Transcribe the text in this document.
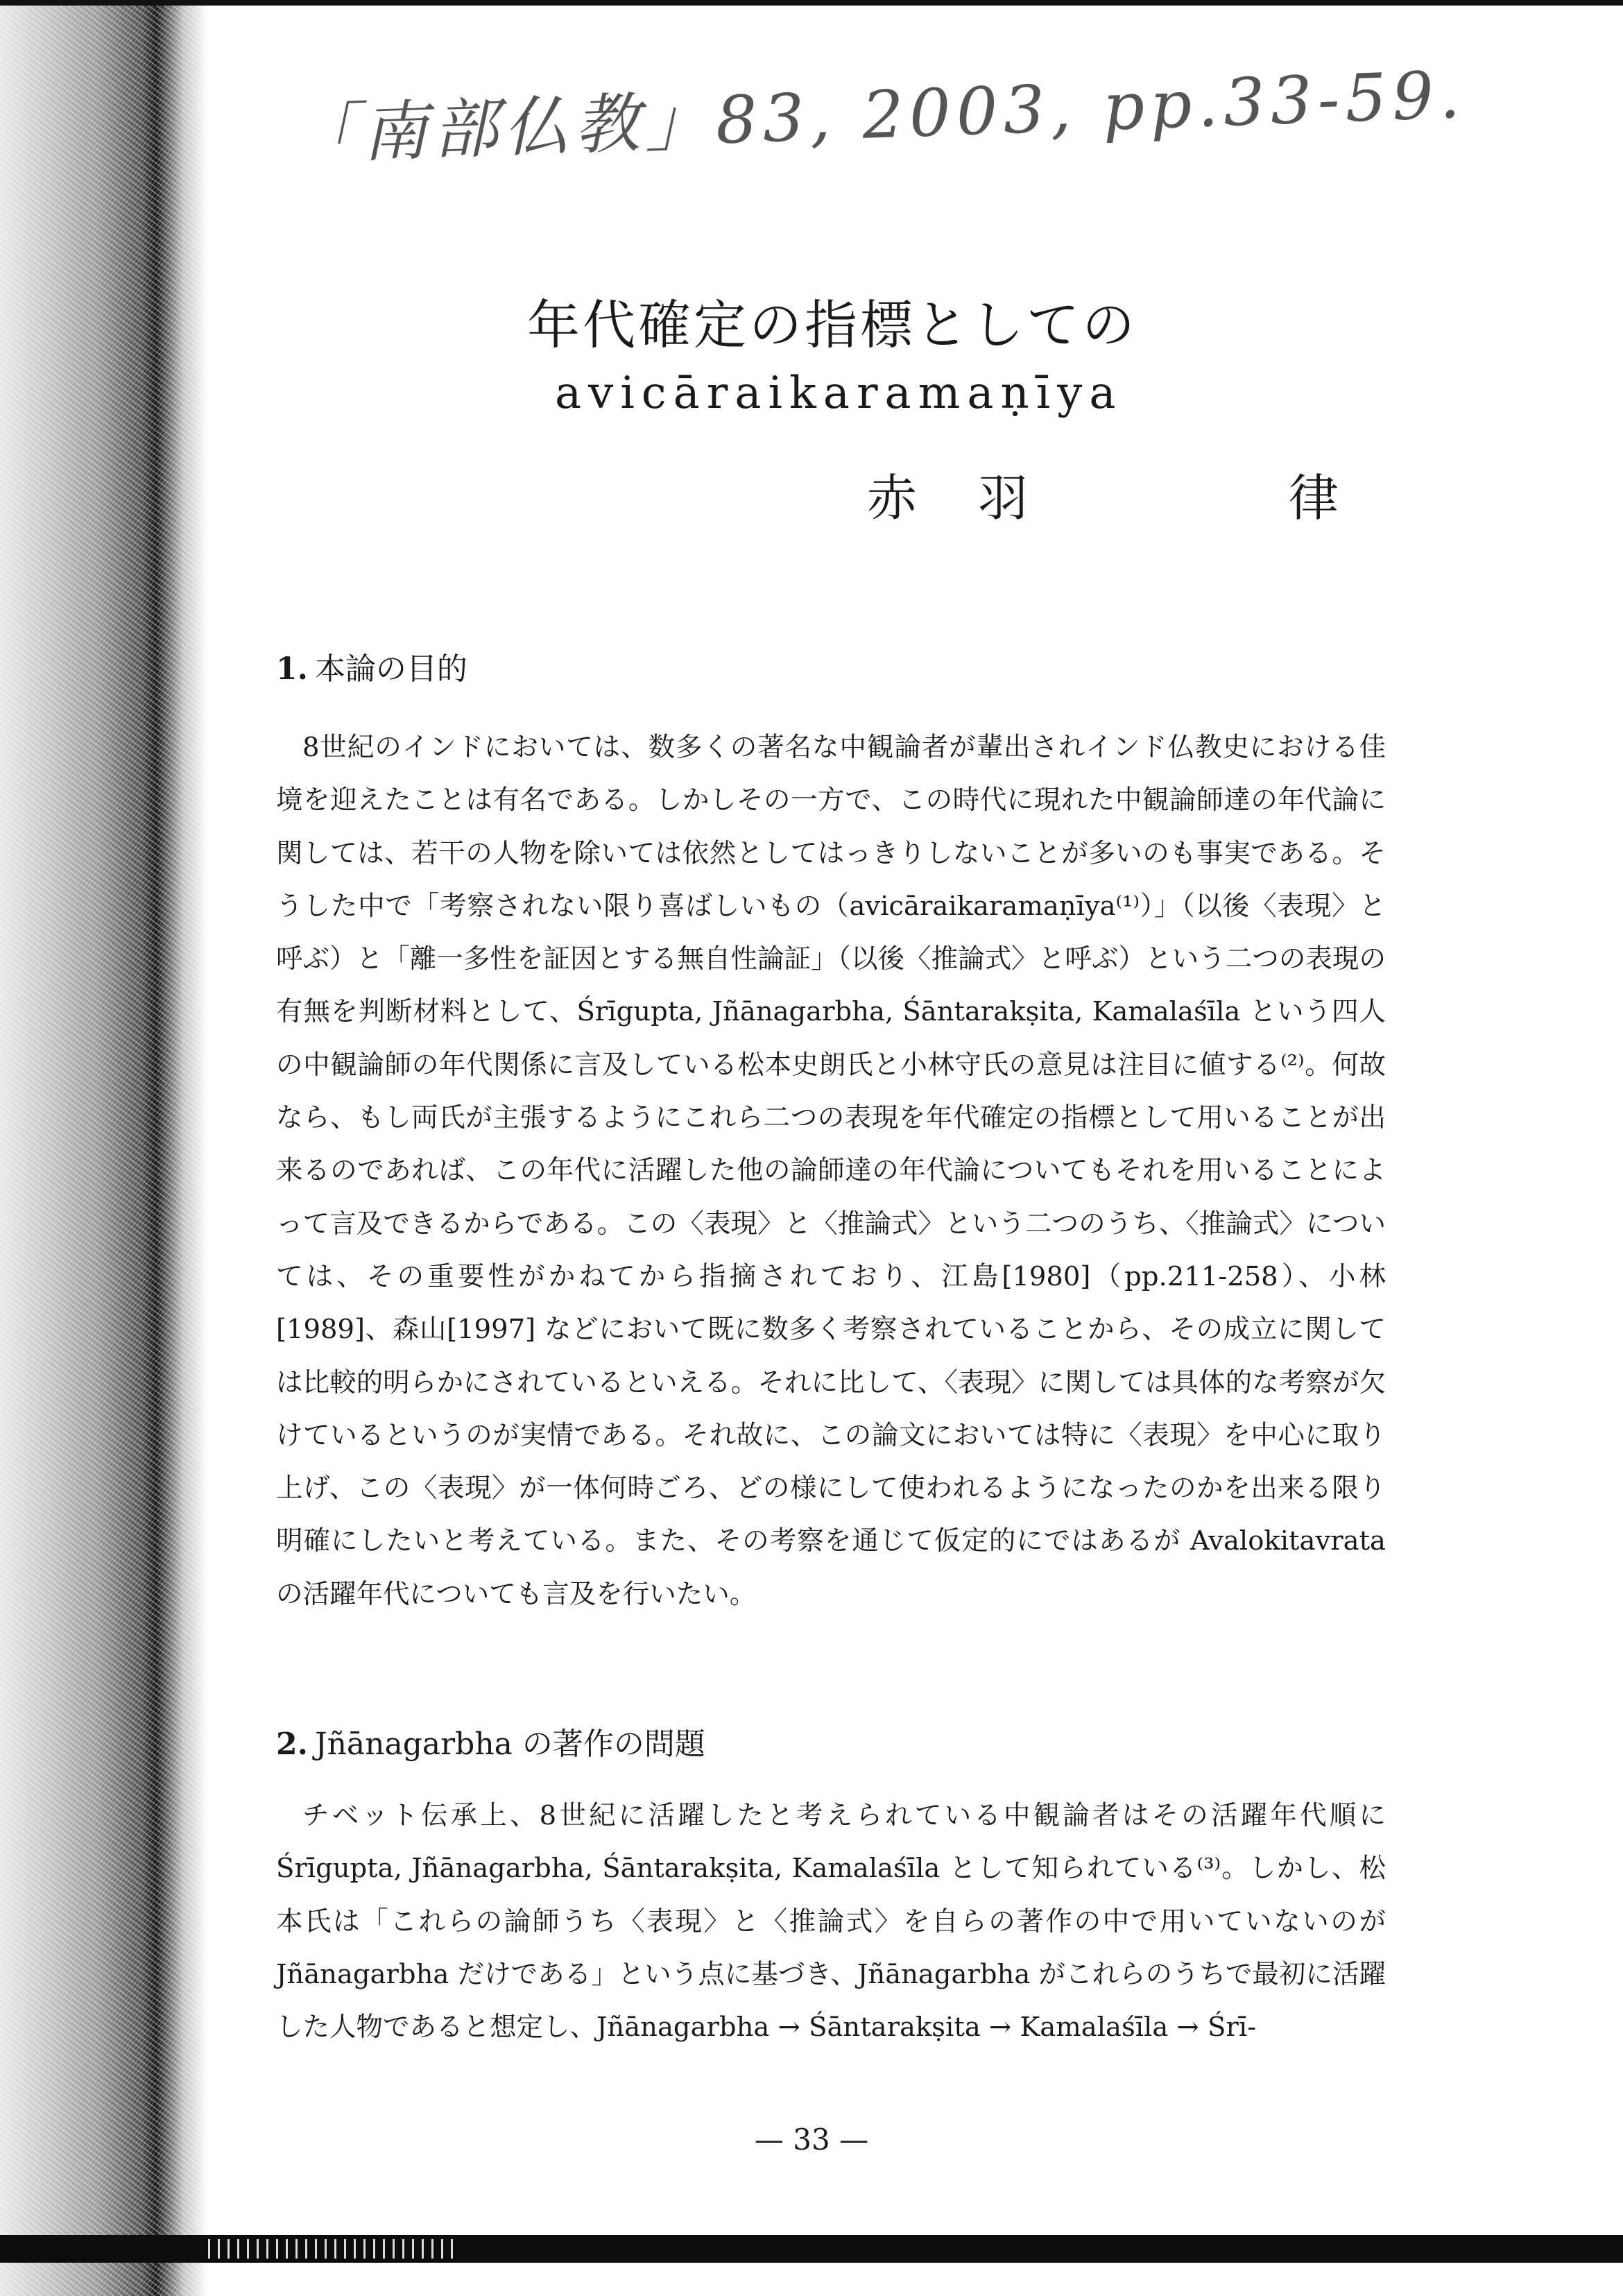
「南部仏教」83, 2003, pp.33-59.
年代確定の指標としての
avicāraikaramaṇīya
赤 羽	律
1. 本論の目的

8世紀のインドにおいては、数多くの著名な中観論者が輩出されインド仏教史における佳境を迎えたことは有名である。しかしその一方で、この時代に現れた中観論師達の年代論に関しては、若干の人物を除いては依然としてはっきりしないことが多いのも事実である。そうした中で「考察されない限り喜ばしいもの（avicāraikaramaṇīya⁽¹⁾）」（以後〈表現〉と呼ぶ）と「離一多性を証因とする無自性論証」（以後〈推論式〉と呼ぶ）という二つの表現の有無を判断材料として、Śrīgupta, Jñānagarbha, Śāntarakṣita, Kamalaśīla という四人の中観論師の年代関係に言及している松本史朗氏と小林守氏の意見は注目に値する⁽²⁾。何故なら、もし両氏が主張するようにこれら二つの表現を年代確定の指標として用いることが出来るのであれば、この年代に活躍した他の論師達の年代論についてもそれを用いることによって言及できるからである。この〈表現〉と〈推論式〉という二つのうち、〈推論式〉については、その重要性がかねてから指摘されており、江島[1980]（pp.211-258）、小林[1989]、森山[1997] などにおいて既に数多く考察されていることから、その成立に関しては比較的明らかにされているといえる。それに比して、〈表現〉に関しては具体的な考察が欠けているというのが実情である。それ故に、この論文においては特に〈表現〉を中心に取り上げ、この〈表現〉が一体何時ごろ、どの様にして使われるようになったのかを出来る限り明確にしたいと考えている。また、その考察を通じて仮定的にではあるが Avalokitavrata の活躍年代についても言及を行いたい。

2. Jñānagarbha の著作の問題

チベット伝承上、8世紀に活躍したと考えられている中観論者はその活躍年代順に Śrīgupta, Jñānagarbha, Śāntarakṣita, Kamalaśīla として知られている⁽³⁾。しかし、松本氏は「これらの論師うち〈表現〉と〈推論式〉を自らの著作の中で用いていないのが Jñānagarbha だけである」という点に基づき、Jñānagarbha がこれらのうちで最初に活躍した人物であると想定し、Jñānagarbha → Śāntarakṣita → Kamalaśīla → Śrī-

— 33 —
